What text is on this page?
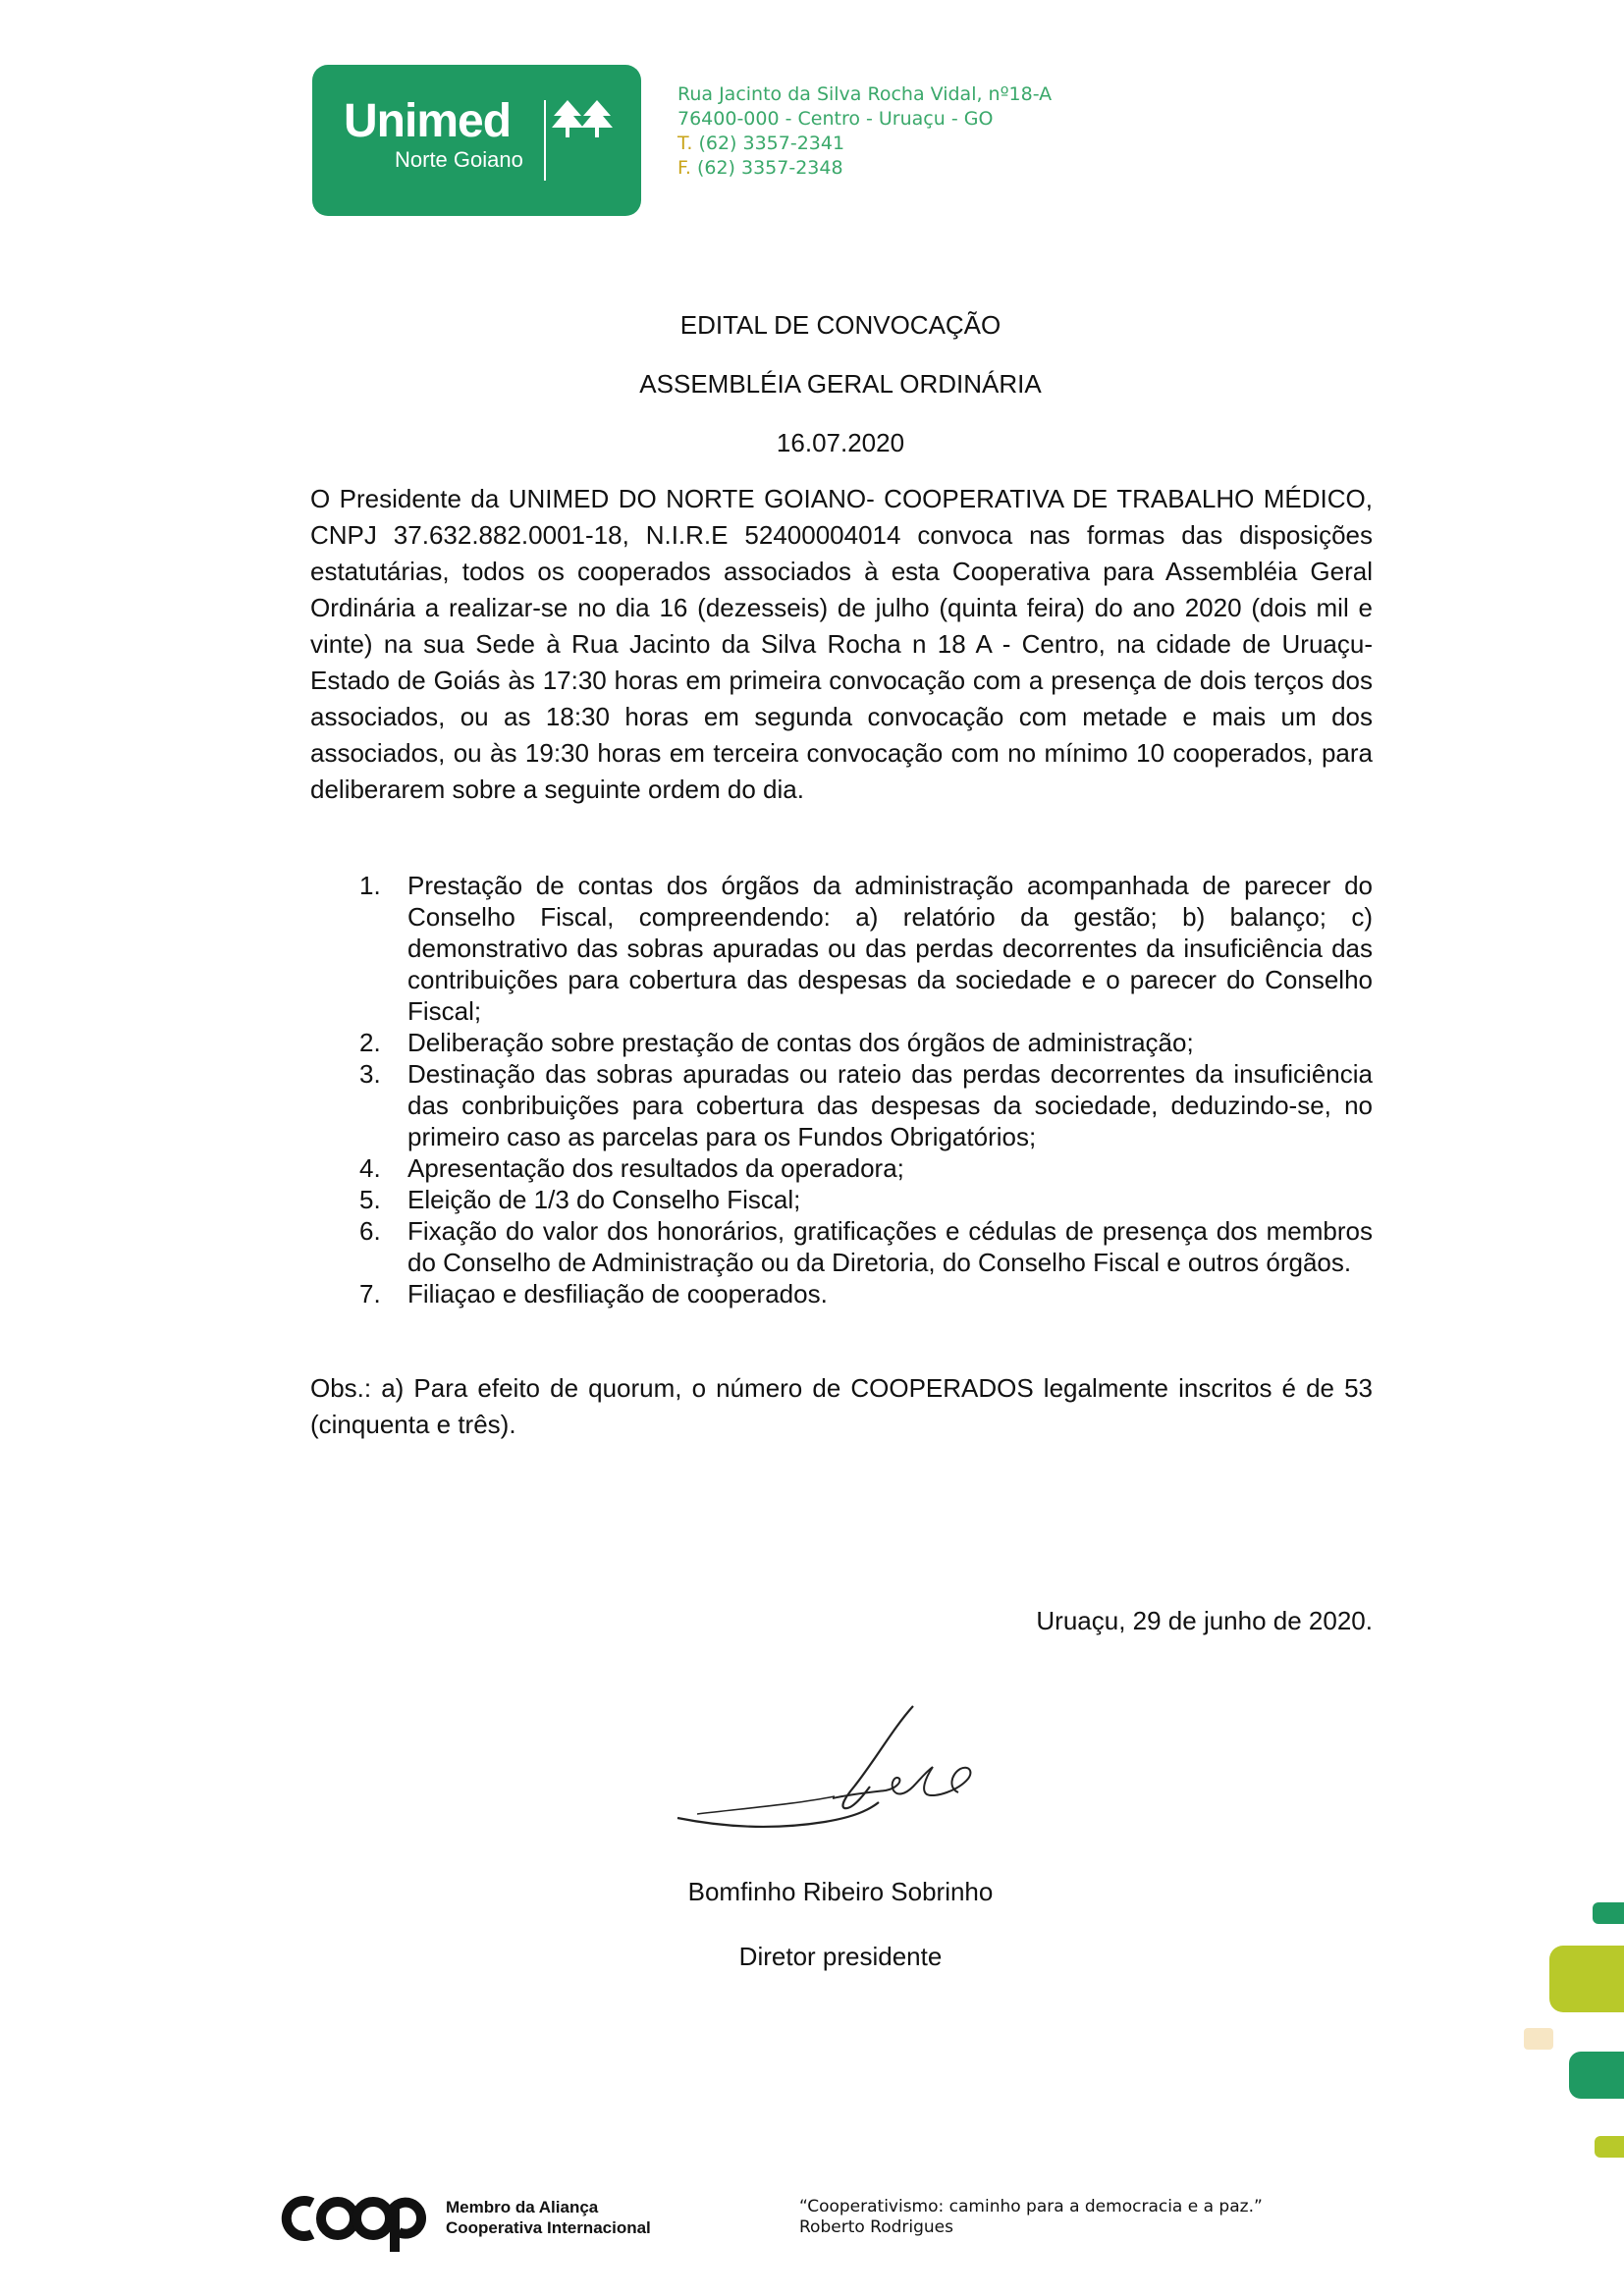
Unimed
Norte Goiano
Rua Jacinto da Silva Rocha Vidal, nº18-A
76400-000 - Centro - Uruaçu - GO
T. (62) 3357-2341
F. (62) 3357-2348
EDITAL DE CONVOCAÇÃO
ASSEMBLÉIA GERAL ORDINÁRIA
16.07.2020
O Presidente da UNIMED DO NORTE GOIANO- COOPERATIVA DE TRABALHO MÉDICO, CNPJ 37.632.882.0001-18, N.I.R.E 52400004014 convoca nas formas das disposições estatutárias, todos os cooperados associados à esta Cooperativa para Assembléia Geral Ordinária a realizar-se no dia 16 (dezesseis) de julho (quinta feira) do ano 2020 (dois mil e vinte) na sua Sede à Rua Jacinto da Silva Rocha n 18 A - Centro, na cidade de Uruaçu- Estado de Goiás às 17:30 horas em primeira convocação com a presença de dois terços dos associados, ou as 18:30 horas em segunda convocação com metade e mais um dos associados, ou às 19:30 horas em terceira convocação com no mínimo 10 cooperados, para deliberarem sobre a seguinte ordem do dia.
1. Prestação de contas dos órgãos da administração acompanhada de parecer do Conselho Fiscal, compreendendo: a) relatório da gestão; b) balanço; c) demonstrativo das sobras apuradas ou das perdas decorrentes da insuficiência das contribuições para cobertura das despesas da sociedade e o parecer do Conselho Fiscal;
2. Deliberação sobre prestação de contas dos órgãos de administração;
3. Destinação das sobras apuradas ou rateio das perdas decorrentes da insuficiência das conbribuições para cobertura das despesas da sociedade, deduzindo-se, no primeiro caso as parcelas para os Fundos Obrigatórios;
4. Apresentação dos resultados da operadora;
5. Eleição de 1/3 do Conselho Fiscal;
6. Fixação do valor dos honorários, gratificações e cédulas de presença dos membros do Conselho de Administração ou da Diretoria, do Conselho Fiscal e outros órgãos.
7. Filiaçao e desfiliação de cooperados.
Obs.: a) Para efeito de quorum, o número de COOPERADOS legalmente inscritos é de 53 (cinquenta e três).
Uruaçu, 29 de junho de 2020.
Bomfinho Ribeiro Sobrinho
Diretor presidente
Membro da Aliança
Cooperativa Internacional
“Cooperativismo: caminho para a democracia e a paz.”
Roberto Rodrigues
